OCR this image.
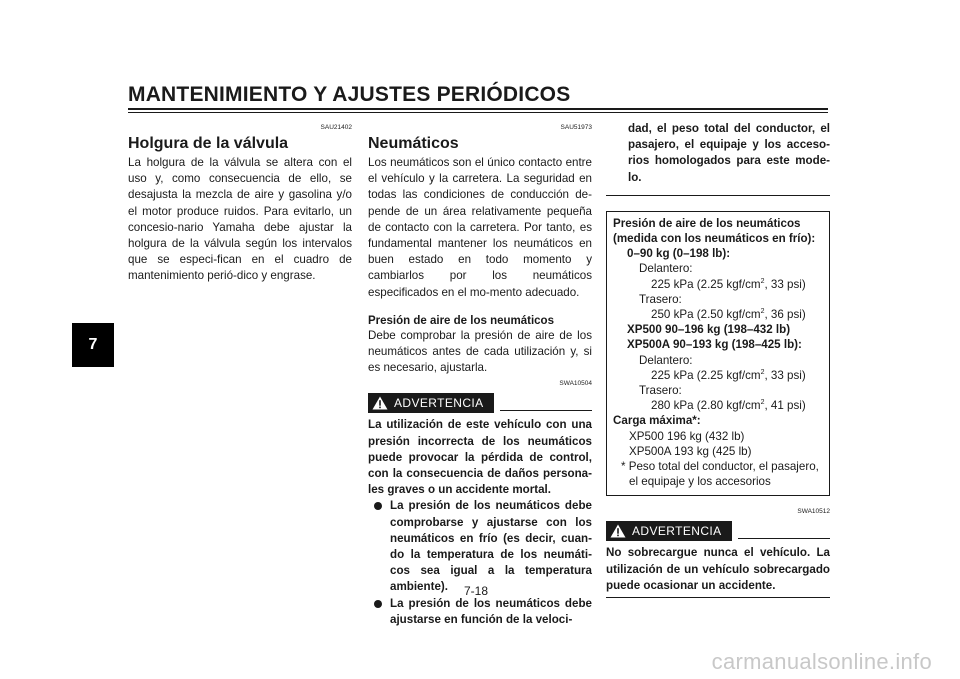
MANTENIMIENTO Y AJUSTES PERIÓDICOS
7
SAU21402
Holgura de la válvula

La holgura de la válvula se altera con el uso y, como consecuencia de ello, se desajusta la mezcla de aire y gasolina y/o el motor produce ruidos. Para evitarlo, un concesio-nario Yamaha debe ajustar la holgura de la válvula según los intervalos que se especi-fican en el cuadro de mantenimiento perió-dico y engrase.

SAU51973
Neumáticos

Los neumáticos son el único contacto entre el vehículo y la carretera. La seguridad en todas las condiciones de conducción de-pende de un área relativamente pequeña de contacto con la carretera. Por tanto, es fundamental mantener los neumáticos en buen estado en todo momento y cambiarlos por los neumáticos especificados en el mo-mento adecuado.

Presión de aire de los neumáticos

Debe comprobar la presión de aire de los neumáticos antes de cada utilización y, si es necesario, ajustarla.

SWA10504
ADVERTENCIA

La utilización de este vehículo con una presión incorrecta de los neumáticos puede provocar la pérdida de control, con la consecuencia de daños persona-les graves o un accidente mortal.

La presión de los neumáticos debe comprobarse y ajustarse con los neumáticos en frío (es decir, cuan-do la temperatura de los neumáti-cos sea igual a la temperatura ambiente).
La presión de los neumáticos debe ajustarse en función de la veloci-

dad, el peso total del conductor, el pasajero, el equipaje y los acceso-rios homologados para este mode-lo.

Presión de aire de los neumáticos
(medida con los neumáticos en frío):
0–90 kg (0–198 lb):
Delantero:
225 kPa (2.25 kgf/$cm^2$, 33 psi)
Trasero:
250 kPa (2.50 kgf/$cm^2$, 36 psi)
XP500 90–196 kg (198–432 lb)
XP500A 90–193 kg (198–425 lb):
Delantero:
225 kPa (2.25 kgf/$cm^2$, 33 psi)
Trasero:
280 kPa (2.80 kgf/$cm^2$, 41 psi)
Carga máxima*:
XP500 196 kg (432 lb)
XP500A 193 kg (425 lb)
* Peso total del conductor, el pasajero,
el equipaje y los accesorios
SWA10512
ADVERTENCIA

No sobrecargue nunca el vehículo. La utilización de un vehículo sobrecargado puede ocasionar un accidente.

7-18
carmanualsonline.info
